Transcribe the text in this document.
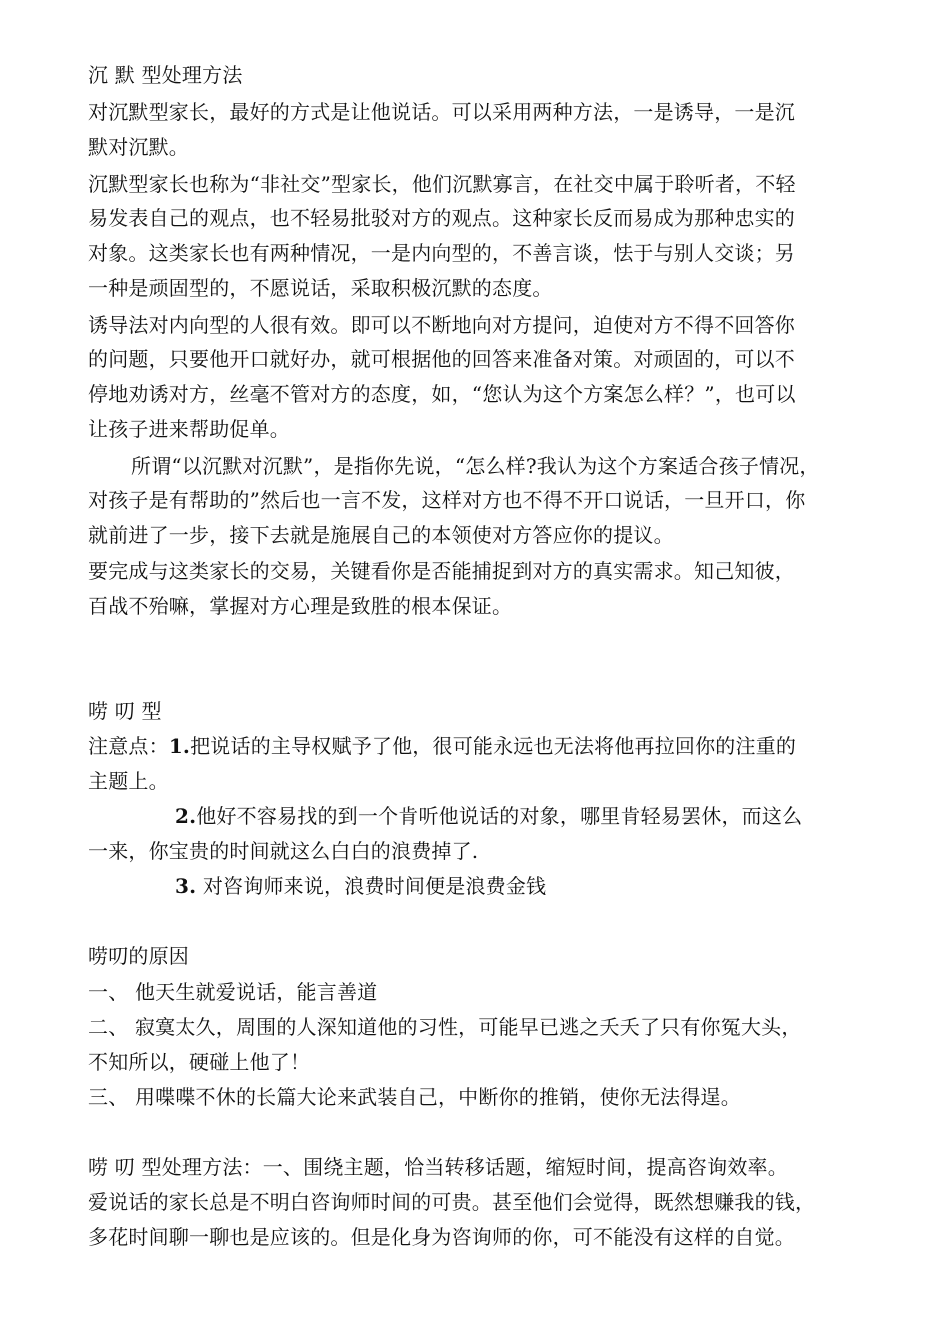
沉 默 型处理方法
对沉默型家长，最好的方式是让他说话。可以采用两种方法，一是诱导，一是沉
默对沉默。
沉默型家长也称为“非社交”型家长，他们沉默寡言，在社交中属于聆听者，不轻
易发表自己的观点，也不轻易批驳对方的观点。这种家长反而易成为那种忠实的
对象。这类家长也有两种情况，一是内向型的，不善言谈，怯于与别人交谈；另
一种是顽固型的，不愿说话，采取积极沉默的态度。
诱导法对内向型的人很有效。即可以不断地向对方提问，迫使对方不得不回答你
的问题，只要他开口就好办，就可根据他的回答来准备对策。对顽固的，可以不
停地劝诱对方，丝毫不管对方的态度，如，“您认为这个方案怎么样？”，也可以
让孩子进来帮助促单。
所谓“以沉默对沉默”，是指你先说，“怎么样?我认为这个方案适合孩子情况，
对孩子是有帮助的”然后也一言不发，这样对方也不得不开口说话，一旦开口，你
就前进了一步，接下去就是施展自己的本领使对方答应你的提议。
要完成与这类家长的交易，关键看你是否能捕捉到对方的真实需求。知己知彼，
百战不殆嘛，掌握对方心理是致胜的根本保证。
唠 叨 型
注意点：1.把说话的主导权赋予了他，很可能永远也无法将他再拉回你的注重的
主题上。
2.他好不容易找的到一个肯听他说话的对象，哪里肯轻易罢休，而这么
一来，你宝贵的时间就这么白白的浪费掉了.
3. 对咨询师来说，浪费时间便是浪费金钱
唠叨的原因
一、 他天生就爱说话，能言善道
二、 寂寞太久，周围的人深知道他的习性，可能早已逃之夭夭了只有你冤大头，
不知所以，硬碰上他了！
三、 用喋喋不休的长篇大论来武装自己，中断你的推销，使你无法得逞。
唠 叨 型处理方法：一、围绕主题，恰当转移话题，缩短时间，提高咨询效率。
爱说话的家长总是不明白咨询师时间的可贵。甚至他们会觉得，既然想赚我的钱，
多花时间聊一聊也是应该的。但是化身为咨询师的你，可不能没有这样的自觉。
